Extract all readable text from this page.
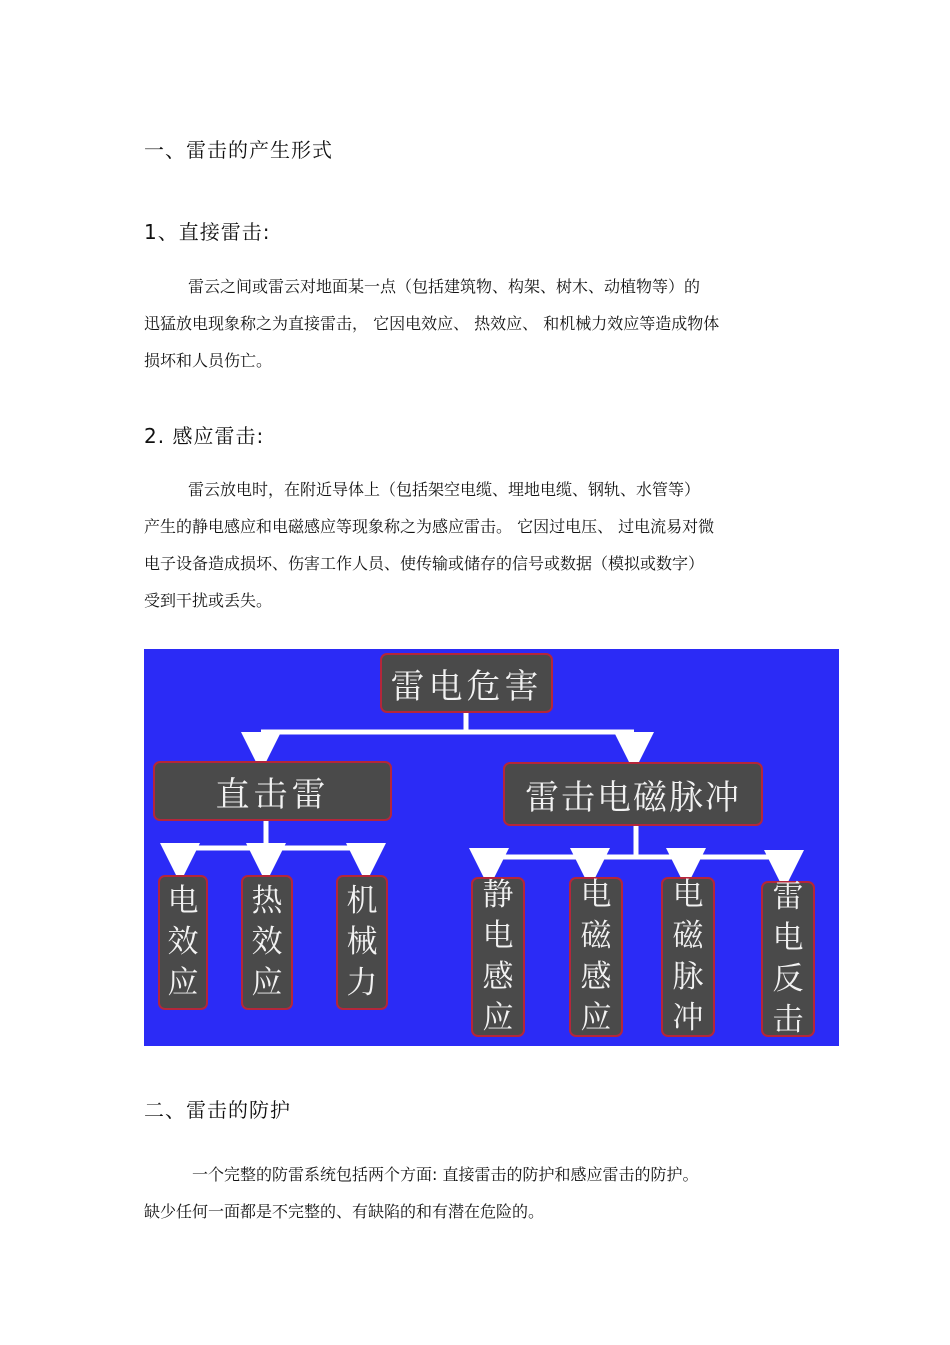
一、雷击的产生形式
1、直接雷击:

雷云之间或雷云对地面某一点（包括建筑物、构架、树木、动植物等）的
迅猛放电现象称之为直接雷击， 它因电效应、 热效应、 和机械力效应等造成物体
损坏和人员伤亡。

2. 感应雷击:

雷云放电时，在附近导体上（包括架空电缆、埋地电缆、钢轨、水管等）
产生的静电感应和电磁感应等现象称之为感应雷击。 它因过电压、 过电流易对微
电子设备造成损坏、伤害工作人员、使传输或储存的信号或数据（模拟或数字）
受到干扰或丢失。

雷电危害
直击雷	雷击电磁脉冲
电
效
应
热
效
应
机
械
力
静
电
感
应
电
磁
感
应
电
磁
脉
冲
雷
电
反
击
二、雷击的防护

一个完整的防雷系统包括两个方面: 直接雷击的防护和感应雷击的防护。
缺少任何一面都是不完整的、有缺陷的和有潜在危险的。
